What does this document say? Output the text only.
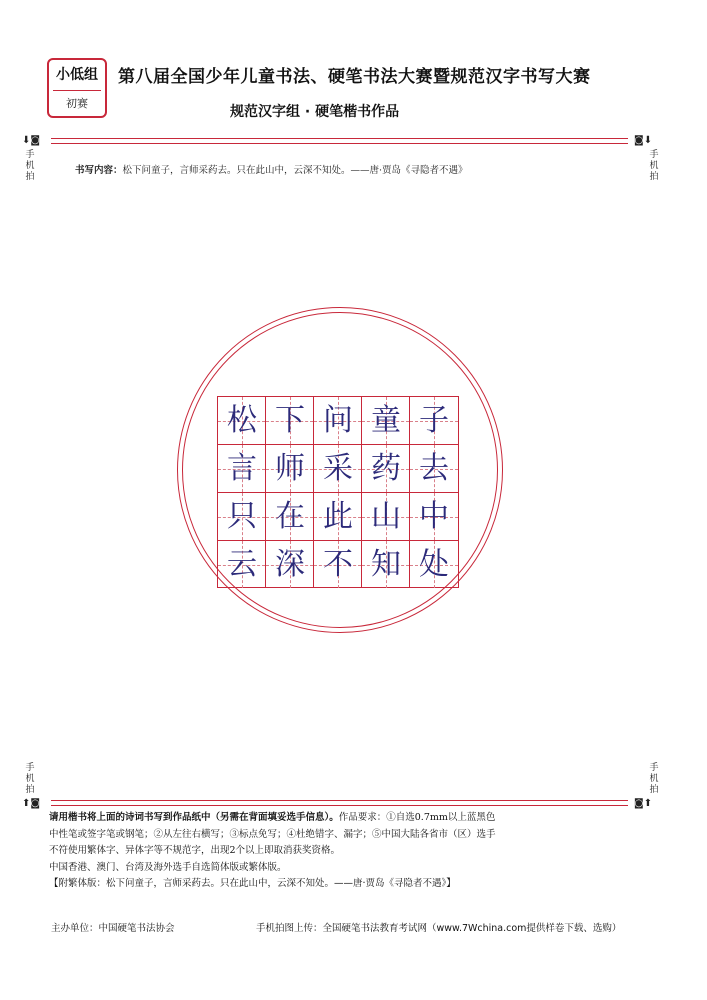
小低组
初赛
第八届全国少年儿童书法、硬笔书法大赛暨规范汉字书写大赛
规范汉字组 · 硬笔楷书作品
⬇◙
手
机
拍
◙⬇
手
机
拍
书写内容：松下问童子，言师采药去。只在此山中，云深不知处。——唐·贾岛《寻隐者不遇》
松 下 问 童 子
言 师 采 药 去
只 在 此 山 中
云 深 不 知 处
手
机
拍
⬆◙
手
机
拍
◙⬆
请用楷书将上面的诗词书写到作品纸中（另需在背面填妥选手信息）。作品要求：①自选0.7mm以上蓝黑色
中性笔或签字笔或钢笔；②从左往右横写；③标点免写；④杜绝错字、漏字；⑤中国大陆各省市（区）选手
不符使用繁体字、异体字等不规范字，出现2个以上即取消获奖资格。
中国香港、澳门、台湾及海外选手自选简体版或繁体版。
【附繁体版：松下问童子，言师采药去。只在此山中，云深不知处。——唐·贾岛《寻隐者不遇》】
主办单位：中国硬笔书法协会	手机拍图上传：全国硬笔书法教育考试网（www.7Wchina.com提供样卷下载、选购）
